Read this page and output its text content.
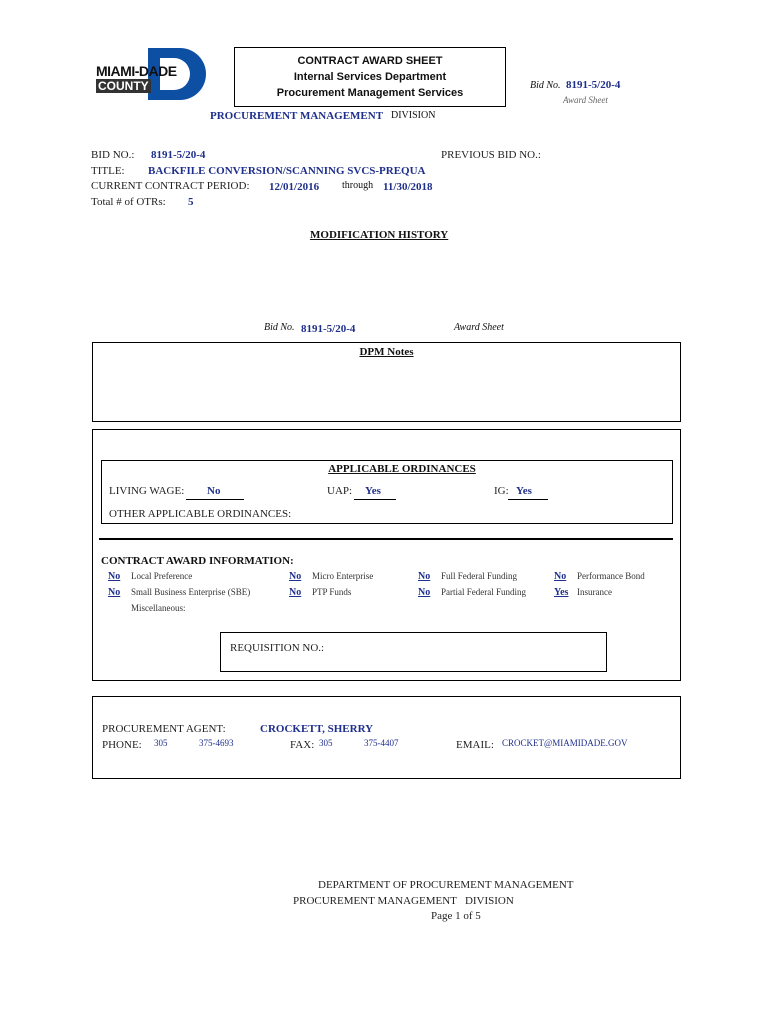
MIAMI-DADE
COUNTY
CONTRACT AWARD SHEET
Internal Services Department
Procurement Management Services
Bid No. 8191-5/20-4
Award Sheet
PROCUREMENT MANAGEMENT DIVISION
BID NO.: 8191-5/20-4	PREVIOUS BID NO.:
TITLE: BACKFILE CONVERSION/SCANNING SVCS-PREQUA
CURRENT CONTRACT PERIOD: 12/01/2016 through 11/30/2018
Total # of OTRs: 5
MODIFICATION HISTORY
Bid No. 8191-5/20-4	Award Sheet
DPM Notes
APPLICABLE ORDINANCES
LIVING WAGE: No	UAP: Yes	IG: Yes
OTHER APPLICABLE ORDINANCES:
CONTRACT AWARD INFORMATION:
No Local Preference	No Micro Enterprise	No Full Federal Funding	No Performance Bond
No Small Business Enterprise (SBE)	No PTP Funds	No Partial Federal Funding	Yes Insurance
Miscellaneous:
REQUISITION NO.:
PROCUREMENT AGENT:	CROCKETT, SHERRY
PHONE: 305	375-4693	FAX: 305	375-4407	EMAIL: CROCKET@MIAMIDADE.GOV
DEPARTMENT OF PROCUREMENT MANAGEMENT
PROCUREMENT MANAGEMENT   DIVISION
Page 1 of 5
